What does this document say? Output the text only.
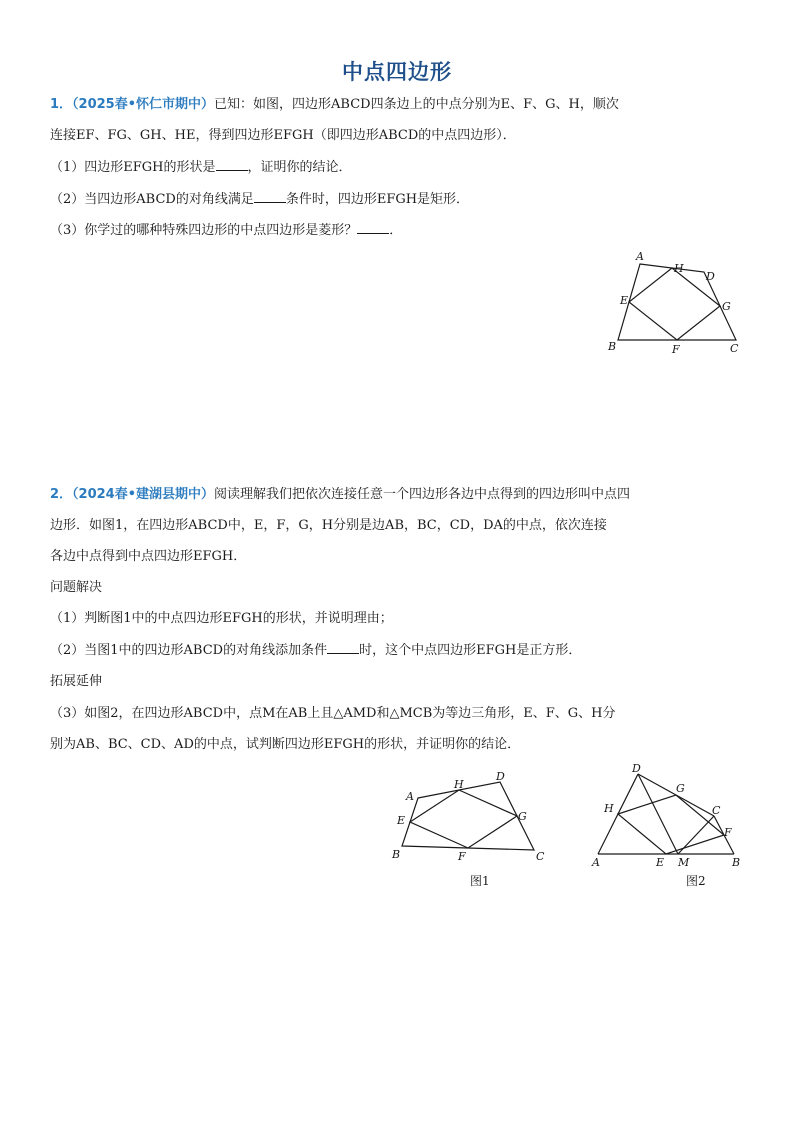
中点四边形
1．（2025春•怀仁市期中）已知：如图，四边形ABCD四条边上的中点分别为E、F、G、H，顺次
连接EF、FG、GH、HE，得到四边形EFGH（即四边形ABCD的中点四边形）．
（1）四边形EFGH的形状是 ，证明你的结论．
（2）当四边形ABCD的对角线满足 条件时，四边形EFGH是矩形．
（3）你学过的哪种特殊四边形的中点四边形是菱形？ ．
A
D
B	C
E
F
G
H
2．（2024春•建湖县期中）阅读理解我们把依次连接任意一个四边形各边中点得到的四边形叫中点四
边形．如图1，在四边形ABCD中，E，F，G，H分别是边AB，BC，CD，DA的中点，依次连接
各边中点得到中点四边形EFGH．
问题解决
（1）判断图1中的中点四边形EFGH的形状，并说明理由；
（2）当图1中的四边形ABCD的对角线添加条件 时，这个中点四边形EFGH是正方形．
拓展延伸
（3）如图2，在四边形ABCD中，点M在AB上且△AMD和△MCB为等边三角形，E、F、G、H分
别为AB、BC、CD、AD的中点，试判断四边形EFGH的形状，并证明你的结论．
A
D
B	C
E
F
G
H
图1
A	B
C
D
E
F
G
H
M
图2
